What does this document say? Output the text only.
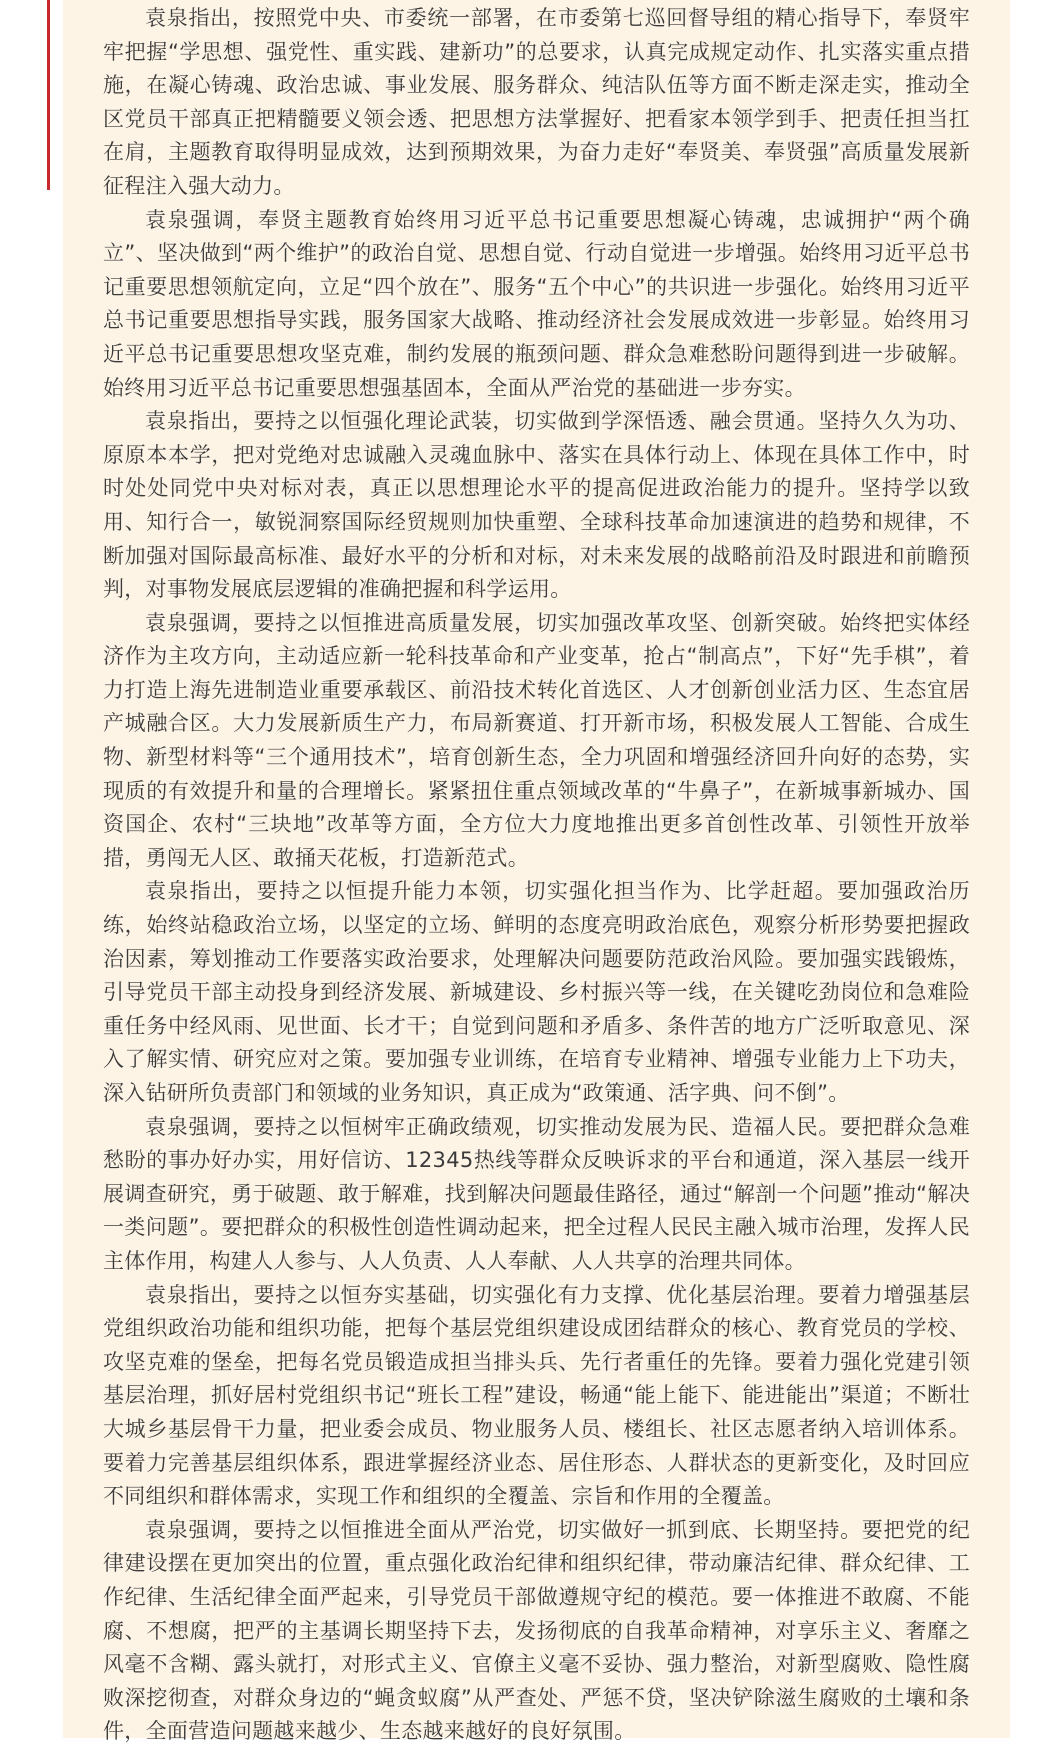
袁泉指出，按照党中央、市委统一部署，在市委第七巡回督导组的精心指导下，奉贤牢牢把握“学思想、强党性、重实践、建新功”的总要求，认真完成规定动作、扎实落实重点措施，在凝心铸魂、政治忠诚、事业发展、服务群众、纯洁队伍等方面不断走深走实，推动全区党员干部真正把精髓要义领会透、把思想方法掌握好、把看家本领学到手、把责任担当扛在肩，主题教育取得明显成效，达到预期效果，为奋力走好“奉贤美、奉贤强”高质量发展新征程注入强大动力。

袁泉强调，奉贤主题教育始终用习近平总书记重要思想凝心铸魂，忠诚拥护“两个确立”、坚决做到“两个维护”的政治自觉、思想自觉、行动自觉进一步增强。始终用习近平总书记重要思想领航定向，立足“四个放在”、服务“五个中心”的共识进一步强化。始终用习近平总书记重要思想指导实践，服务国家大战略、推动经济社会发展成效进一步彰显。始终用习近平总书记重要思想攻坚克难，制约发展的瓶颈问题、群众急难愁盼问题得到进一步破解。始终用习近平总书记重要思想强基固本，全面从严治党的基础进一步夯实。

袁泉指出，要持之以恒强化理论武装，切实做到学深悟透、融会贯通。坚持久久为功、原原本本学，把对党绝对忠诚融入灵魂血脉中、落实在具体行动上、体现在具体工作中，时时处处同党中央对标对表，真正以思想理论水平的提高促进政治能力的提升。坚持学以致用、知行合一，敏锐洞察国际经贸规则加快重塑、全球科技革命加速演进的趋势和规律，不断加强对国际最高标准、最好水平的分析和对标，对未来发展的战略前沿及时跟进和前瞻预判，对事物发展底层逻辑的准确把握和科学运用。

袁泉强调，要持之以恒推进高质量发展，切实加强改革攻坚、创新突破。始终把实体经济作为主攻方向，主动适应新一轮科技革命和产业变革，抢占“制高点”，下好“先手棋”，着力打造上海先进制造业重要承载区、前沿技术转化首选区、人才创新创业活力区、生态宜居产城融合区。大力发展新质生产力，布局新赛道、打开新市场，积极发展人工智能、合成生物、新型材料等“三个通用技术”，培育创新生态，全力巩固和增强经济回升向好的态势，实现质的有效提升和量的合理增长。紧紧扭住重点领域改革的“牛鼻子”，在新城事新城办、国资国企、农村“三块地”改革等方面，全方位大力度地推出更多首创性改革、引领性开放举措，勇闯无人区、敢捅天花板，打造新范式。

袁泉指出，要持之以恒提升能力本领，切实强化担当作为、比学赶超。要加强政治历练，始终站稳政治立场，以坚定的立场、鲜明的态度亮明政治底色，观察分析形势要把握政治因素，筹划推动工作要落实政治要求，处理解决问题要防范政治风险。要加强实践锻炼，引导党员干部主动投身到经济发展、新城建设、乡村振兴等一线，在关键吃劲岗位和急难险重任务中经风雨、见世面、长才干；自觉到问题和矛盾多、条件苦的地方广泛听取意见、深入了解实情、研究应对之策。要加强专业训练，在培育专业精神、增强专业能力上下功夫，深入钻研所负责部门和领域的业务知识，真正成为“政策通、活字典、问不倒”。

袁泉强调，要持之以恒树牢正确政绩观，切实推动发展为民、造福人民。要把群众急难愁盼的事办好办实，用好信访、12345热线等群众反映诉求的平台和通道，深入基层一线开展调查研究，勇于破题、敢于解难，找到解决问题最佳路径，通过“解剖一个问题”推动“解决一类问题”。要把群众的积极性创造性调动起来，把全过程人民民主融入城市治理，发挥人民主体作用，构建人人参与、人人负责、人人奉献、人人共享的治理共同体。

袁泉指出，要持之以恒夯实基础，切实强化有力支撑、优化基层治理。要着力增强基层党组织政治功能和组织功能，把每个基层党组织建设成团结群众的核心、教育党员的学校、攻坚克难的堡垒，把每名党员锻造成担当排头兵、先行者重任的先锋。要着力强化党建引领基层治理，抓好居村党组织书记“班长工程”建设，畅通“能上能下、能进能出”渠道；不断壮大城乡基层骨干力量，把业委会成员、物业服务人员、楼组长、社区志愿者纳入培训体系。要着力完善基层组织体系，跟进掌握经济业态、居住形态、人群状态的更新变化，及时回应不同组织和群体需求，实现工作和组织的全覆盖、宗旨和作用的全覆盖。

袁泉强调，要持之以恒推进全面从严治党，切实做好一抓到底、长期坚持。要把党的纪律建设摆在更加突出的位置，重点强化政治纪律和组织纪律，带动廉洁纪律、群众纪律、工作纪律、生活纪律全面严起来，引导党员干部做遵规守纪的模范。要一体推进不敢腐、不能腐、不想腐，把严的主基调长期坚持下去，发扬彻底的自我革命精神，对享乐主义、奢靡之风毫不含糊、露头就打，对形式主义、官僚主义毫不妥协、强力整治，对新型腐败、隐性腐败深挖彻查，对群众身边的“蝇贪蚁腐”从严查处、严惩不贷，坚决铲除滋生腐败的土壤和条件，全面营造问题越来越少、生态越来越好的良好氛围。
